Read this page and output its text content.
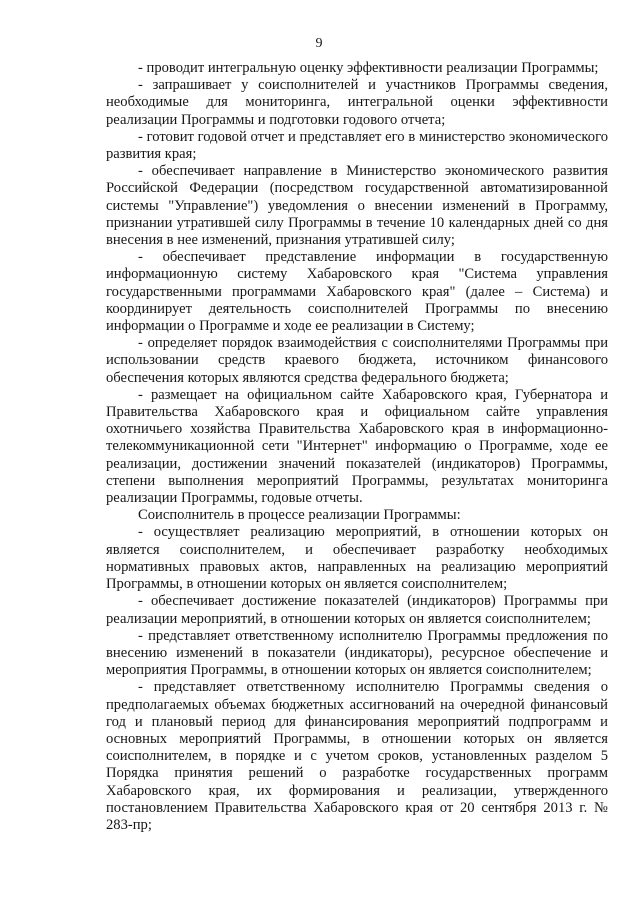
9

- проводит интегральную оценку эффективности реализации Программы;

- запрашивает у соисполнителей и участников Программы сведения, необходимые для мониторинга, интегральной оценки эффективности реализации Программы и подготовки годового отчета;

- готовит годовой отчет и представляет его в министерство экономического развития края;

- обеспечивает направление в Министерство экономического развития Российской Федерации (посредством государственной автоматизированной системы "Управление") уведомления о внесении изменений в Программу, признании утратившей силу Программы в течение 10 календарных дней со дня внесения в нее изменений, признания утратившей силу;

- обеспечивает представление информации в государственную информационную систему Хабаровского края "Система управления государственными программами Хабаровского края" (далее – Система) и координирует деятельность соисполнителей Программы по внесению информации о Программе и ходе ее реализации в Систему;

- определяет порядок взаимодействия с соисполнителями Программы при использовании средств краевого бюджета, источником финансового обеспечения которых являются средства федерального бюджета;

- размещает на официальном сайте Хабаровского края, Губернатора и Правительства Хабаровского края и официальном сайте управления охотничьего хозяйства Правительства Хабаровского края в информационно-телекоммуникационной сети "Интернет" информацию о Программе, ходе ее реализации, достижении значений показателей (индикаторов) Программы, степени выполнения мероприятий Программы, результатах мониторинга реализации Программы, годовые отчеты.

Соисполнитель в процессе реализации Программы:

- осуществляет реализацию мероприятий, в отношении которых он является соисполнителем, и обеспечивает разработку необходимых нормативных правовых актов, направленных на реализацию мероприятий Программы, в отношении которых он является соисполнителем;

- обеспечивает достижение показателей (индикаторов) Программы при реализации мероприятий, в отношении которых он является соисполнителем;

- представляет ответственному исполнителю Программы предложения по внесению изменений в показатели (индикаторы), ресурсное обеспечение и мероприятия Программы, в отношении которых он является соисполнителем;

- представляет ответственному исполнителю Программы сведения о предполагаемых объемах бюджетных ассигнований на очередной финансовый год и плановый период для финансирования мероприятий подпрограмм и основных мероприятий Программы, в отношении которых он является соисполнителем, в порядке и с учетом сроков, установленных разделом 5 Порядка принятия решений о разработке государственных программ Хабаровского края, их формирования и реализации, утвержденного постановлением Правительства Хабаровского края от 20 сентября 2013 г. № 283-пр;
